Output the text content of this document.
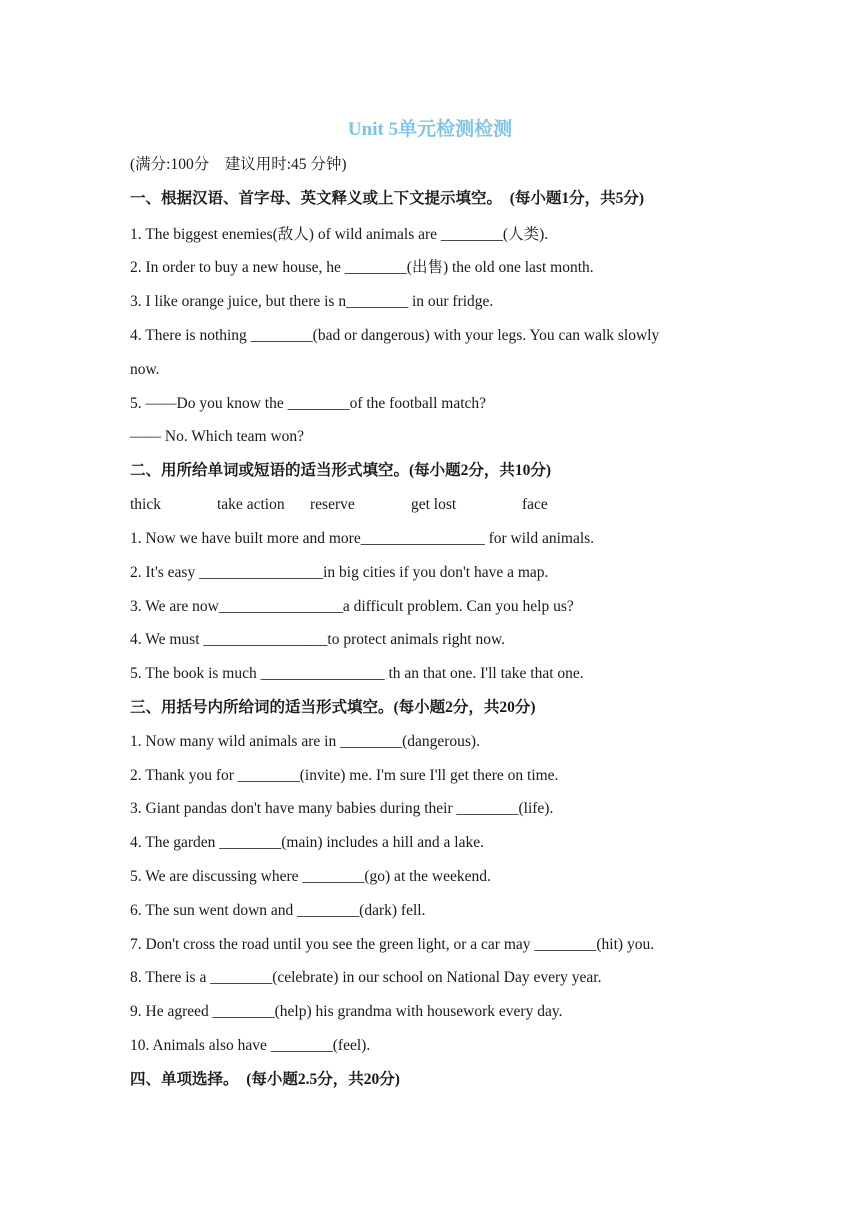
Unit 5单元检测检测
(满分:100分　建议用时:45 分钟)
一、根据汉语、首字母、英文释义或上下文提示填空。 (每小题1分，共5分)
1. The biggest enemies(敌人) of wild animals are ________(人类).
2. In order to buy a new house, he ________(出售) the old one last month.
3. I like orange juice, but there is n________ in our fridge.
4. There is nothing ________(bad or dangerous) with your legs. You can walk slowly
now.
5. ——Do you know the ________of the football match?
—— No. Which team won?
二、用所给单词或短语的适当形式填空。(每小题2分，共10分)
thick	take action reserve	get lost	face
1. Now we have built more and more________________ for wild animals.
2. It's easy ________________in big cities if you don't have a map.
3. We are now________________a difficult problem. Can you help us?
4. We must ________________to protect animals right now.
5. The book is much ________________ th an that one. I'll take that one.
三、用括号内所给词的适当形式填空。(每小题2分，共20分)
1. Now many wild animals are in ________(dangerous).
2. Thank you for ________(invite) me. I'm sure I'll get there on time.
3. Giant pandas don't have many babies during their ________(life).
4. The garden ________(main) includes a hill and a lake.
5. We are discussing where ________(go) at the weekend.
6. The sun went down and ________(dark) fell.
7. Don't cross the road until you see the green light, or a car may ________(hit) you.
8. There is a ________(celebrate) in our school on National Day every year.
9. He agreed ________(help) his grandma with housework every day.
10. Animals also have ________(feel).
四、单项选择。 (每小题2.5分，共20分)
